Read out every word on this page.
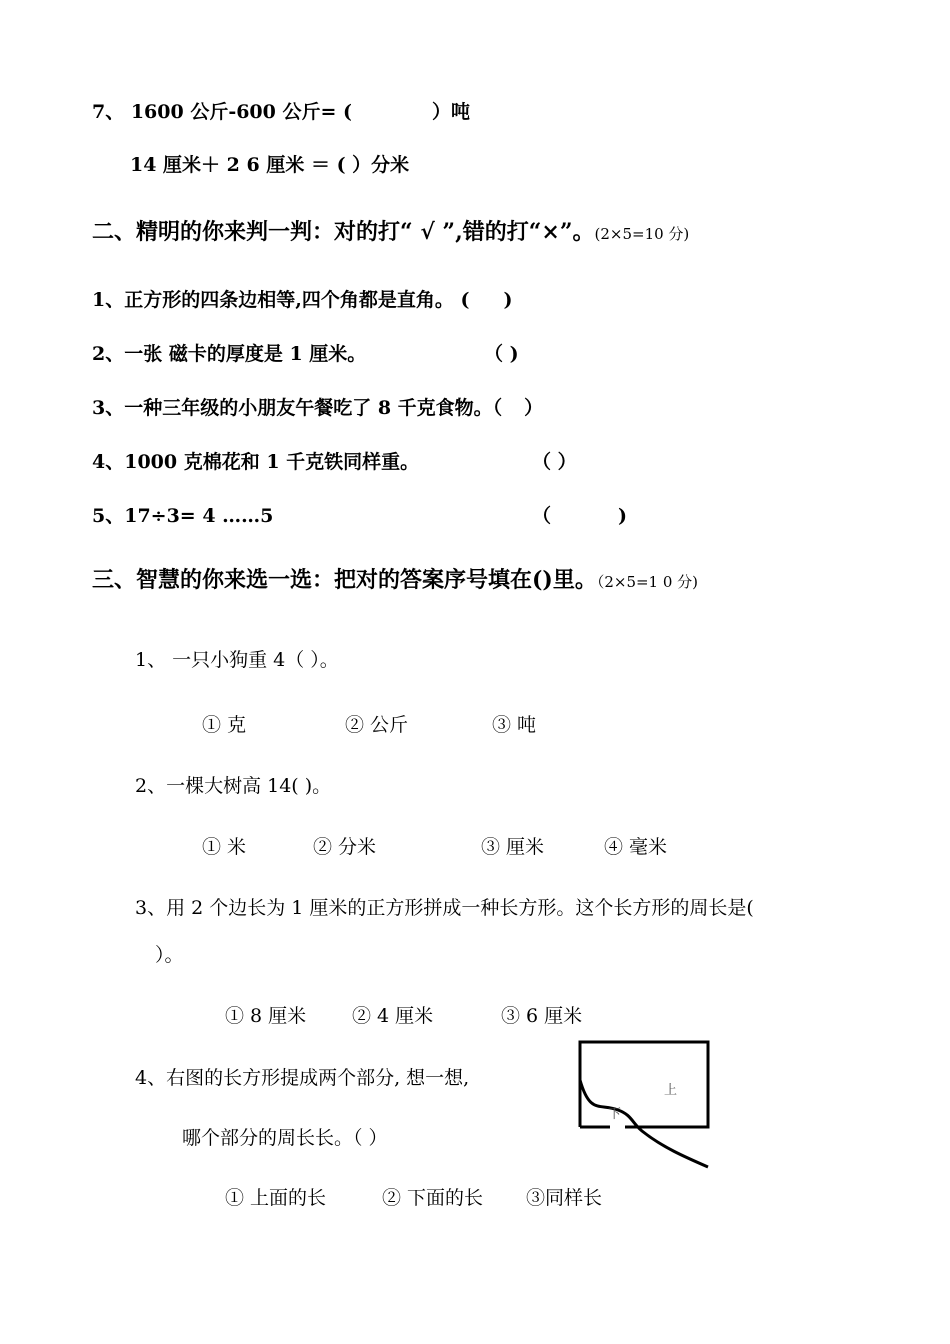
7、 1600 公斤-600 公斤= (	）吨
14 厘米＋ 2 6 厘米 ＝ ( ）分米
二、精明的你来判一判：对的打“ √ ”,错的打“×”。(2×5=10 分)
1、正方形的四条边相等,四个角都是直角。 ( )
2、一张 磁卡的厚度是 1 厘米。	（ )
3、一种三年级的小朋友午餐吃了 8 千克食物。（ ）
4、1000 克棉花和 1 千克铁同样重。	（ ）
5、17÷3= 4 ……5	（	)
三、智慧的你来选一选：把对的答案序号填在()里。（2×5=1 0 分)
1、 一只小狗重 4（ ）。
① 克	② 公斤	③ 吨
2、一棵大树高 14( )。
① 米	② 分米	③ 厘米	④ 毫米
3、用 2 个边长为 1 厘米的正方形拼成一种长方形。这个长方形的周长是(
）。
① 8 厘米 ② 4 厘米	③ 6 厘米
4、右图的长方形提成两个部分, 想一想,
哪个部分的周长长。（ ）
① 上面的长	② 下面的长 ③同样长
上
下
